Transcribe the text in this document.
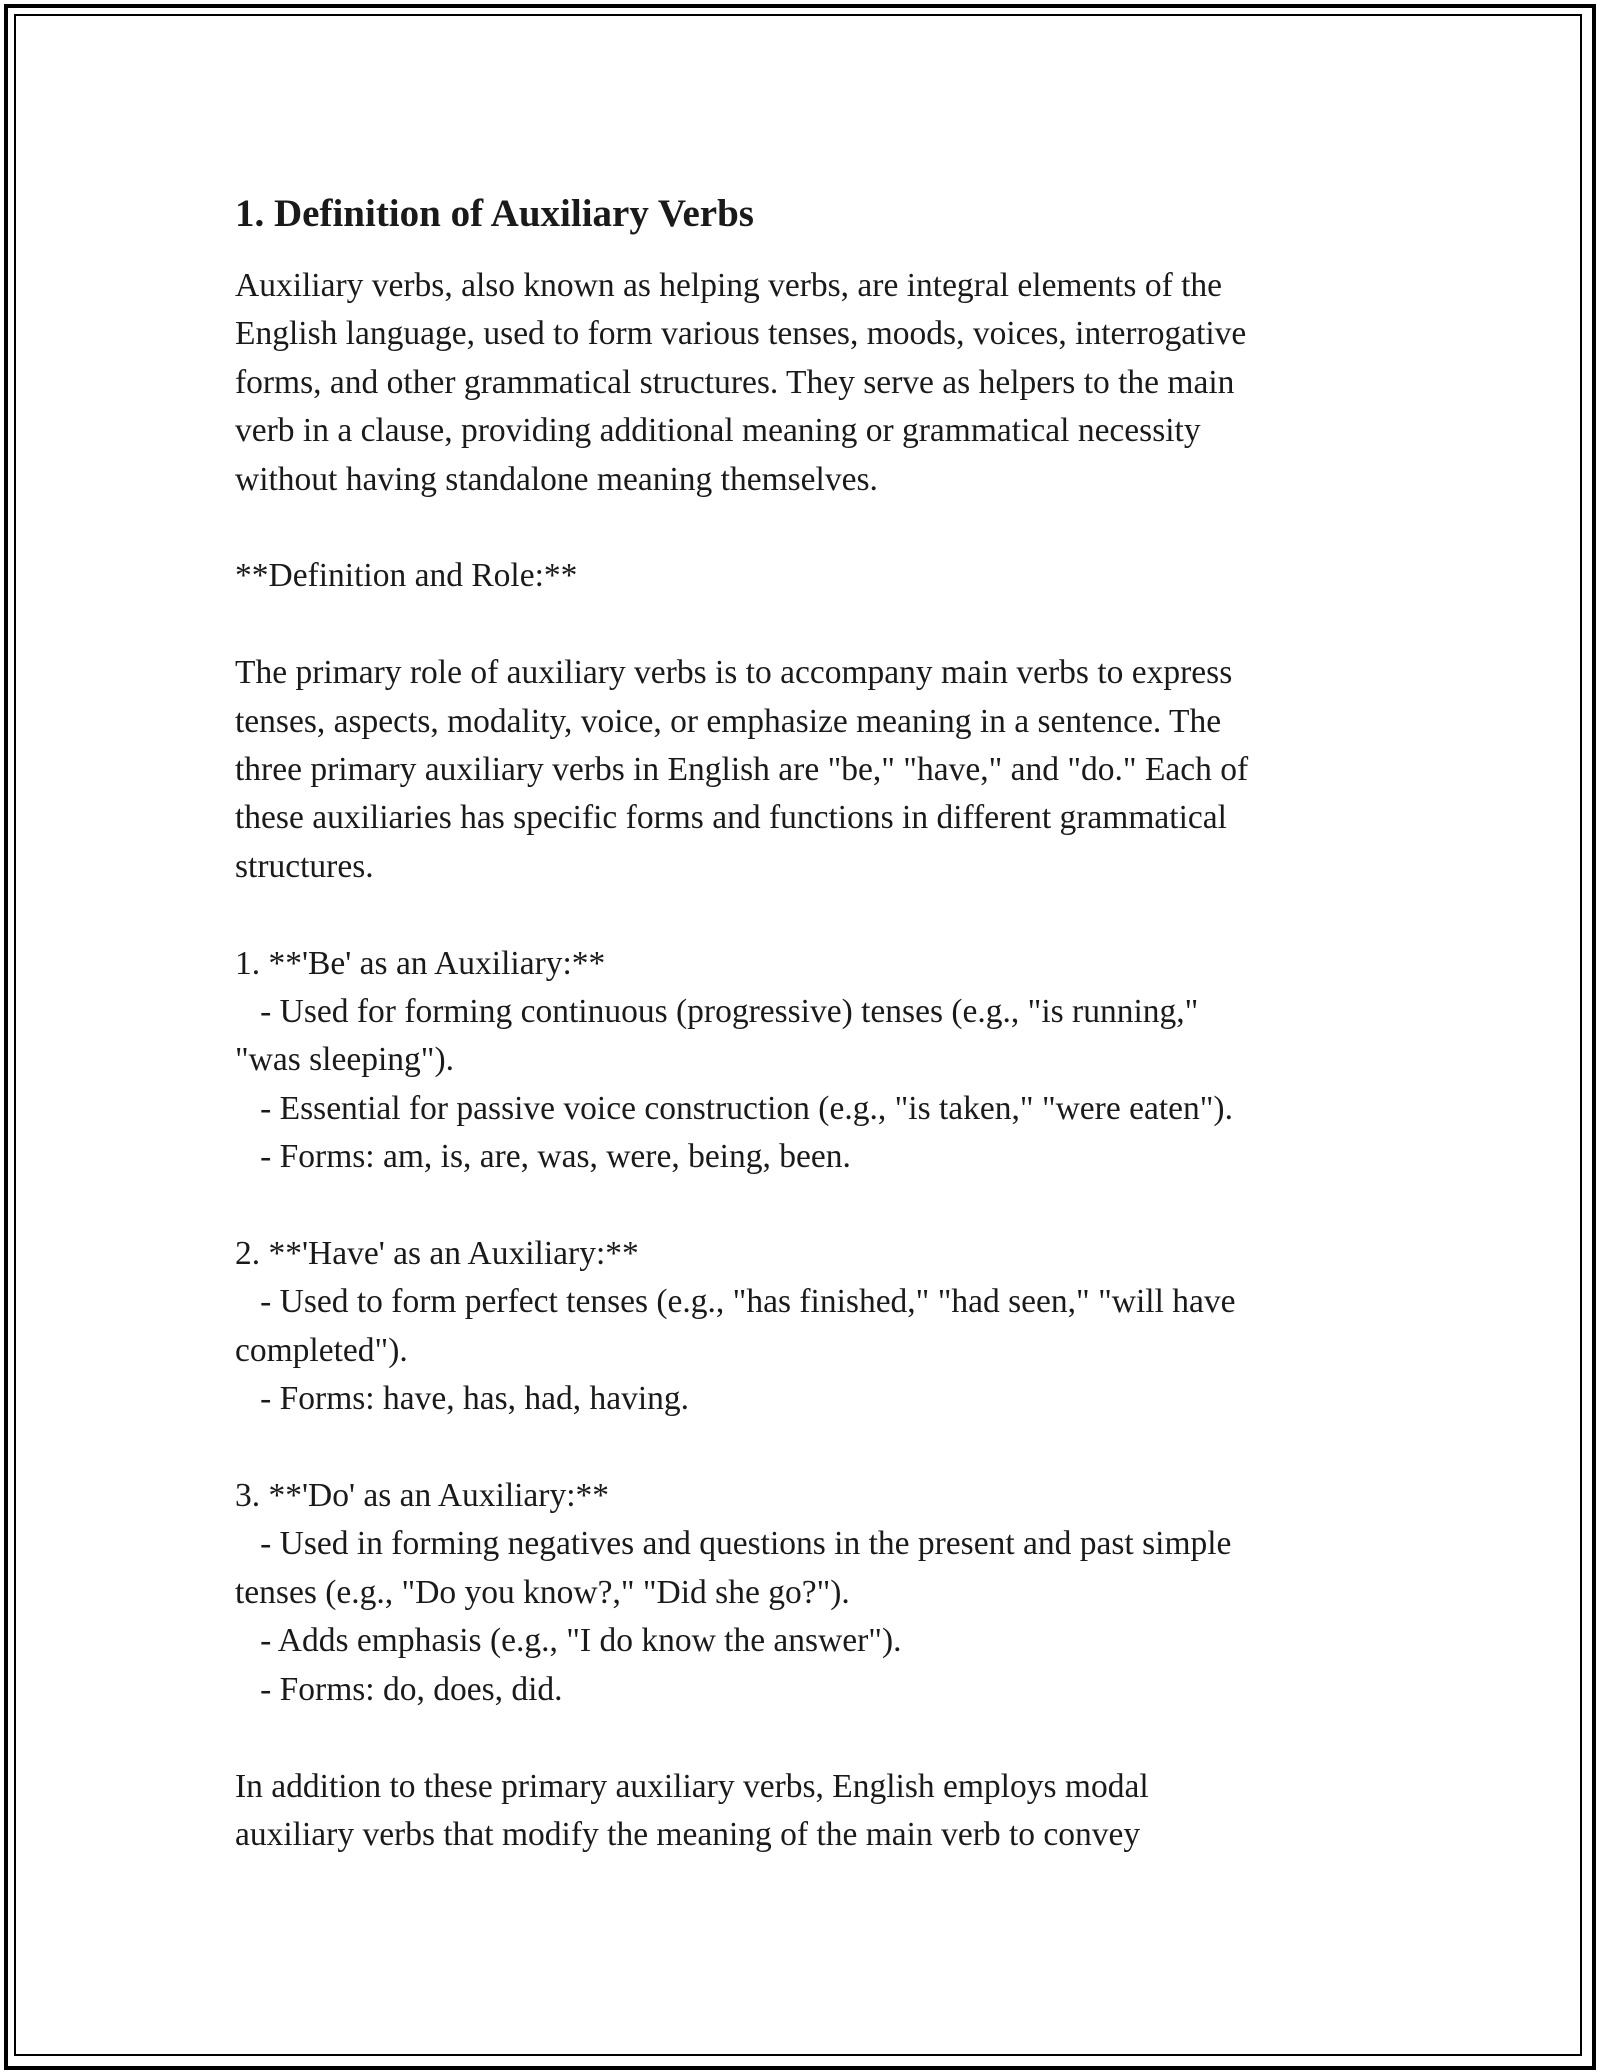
1. Definition of Auxiliary Verbs
Auxiliary verbs, also known as helping verbs, are integral elements of the
English language, used to form various tenses, moods, voices, interrogative
forms, and other grammatical structures. They serve as helpers to the main
verb in a clause, providing additional meaning or grammatical necessity
without having standalone meaning themselves.
**Definition and Role:**
The primary role of auxiliary verbs is to accompany main verbs to express
tenses, aspects, modality, voice, or emphasize meaning in a sentence. The
three primary auxiliary verbs in English are "be," "have," and "do." Each of
these auxiliaries has specific forms and functions in different grammatical
structures.
1. **'Be' as an Auxiliary:**
- Used for forming continuous (progressive) tenses (e.g., "is running,"
"was sleeping").
- Essential for passive voice construction (e.g., "is taken," "were eaten").
- Forms: am, is, are, was, were, being, been.
2. **'Have' as an Auxiliary:**
- Used to form perfect tenses (e.g., "has finished," "had seen," "will have
completed").
- Forms: have, has, had, having.
3. **'Do' as an Auxiliary:**
- Used in forming negatives and questions in the present and past simple
tenses (e.g., "Do you know?," "Did she go?").
- Adds emphasis (e.g., "I do know the answer").
- Forms: do, does, did.
In addition to these primary auxiliary verbs, English employs modal
auxiliary verbs that modify the meaning of the main verb to convey
